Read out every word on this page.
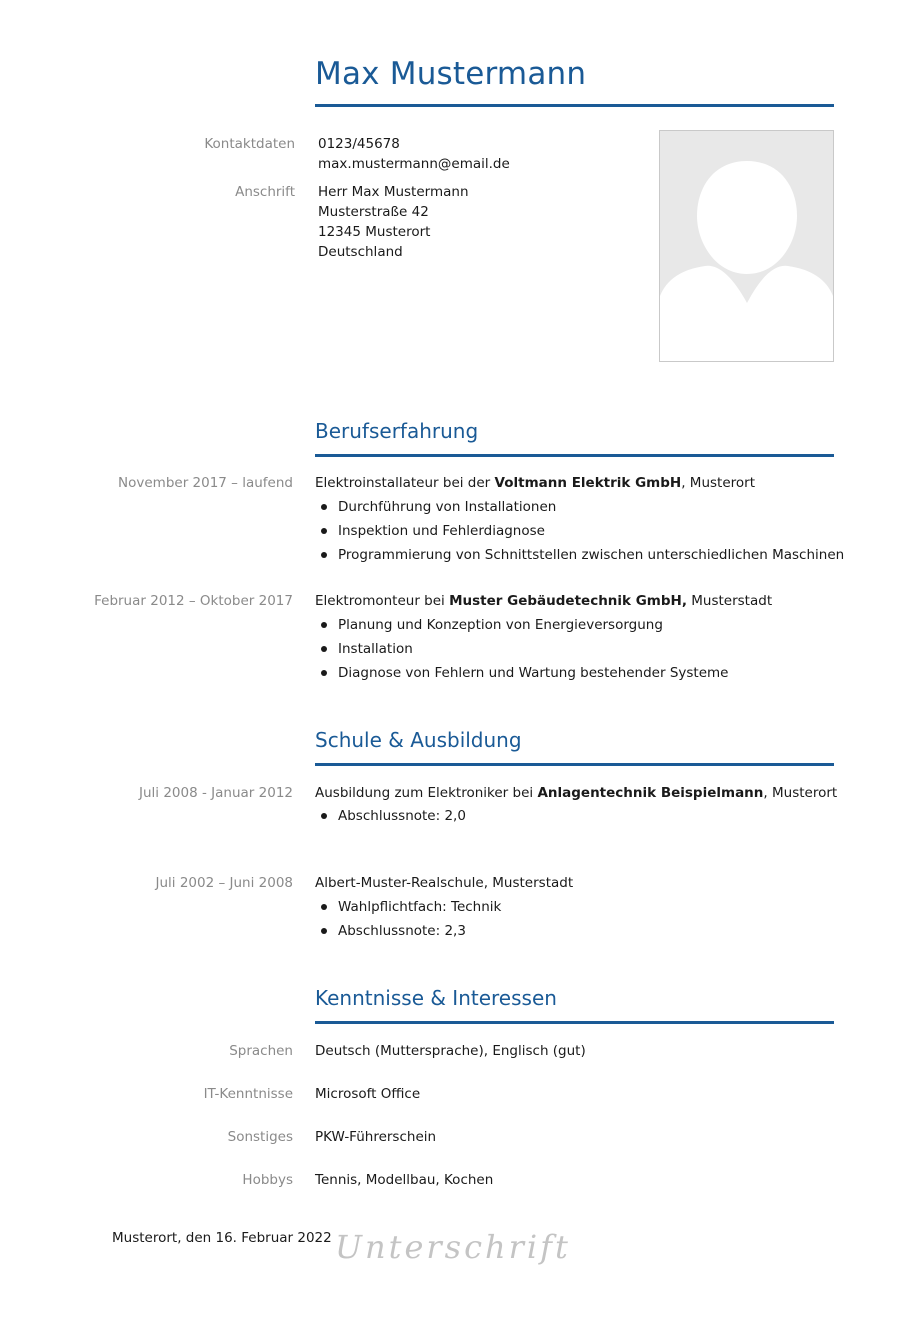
Max Mustermann
Kontaktdaten 0123/45678
max.mustermann@email.de
Anschrift Herr Max Mustermann
Musterstraße 42
12345 Musterort
Deutschland
Berufserfahrung
November 2017 – laufend Elektroinstallateur bei der Voltmann Elektrik GmbH, Musterort
Durchführung von Installationen
Inspektion und Fehlerdiagnose
Programmierung von Schnittstellen zwischen unterschiedlichen Maschinen
Februar 2012 – Oktober 2017 Elektromonteur bei Muster Gebäudetechnik GmbH, Musterstadt
Planung und Konzeption von Energieversorgung
Installation
Diagnose von Fehlern und Wartung bestehender Systeme
Schule & Ausbildung
Juli 2008 - Januar 2012 Ausbildung zum Elektroniker bei Anlagentechnik Beispielmann, Musterort
Abschlussnote: 2,0
Juli 2002 – Juni 2008 Albert-Muster-Realschule, Musterstadt
Wahlpflichtfach: Technik
Abschlussnote: 2,3
Kenntnisse & Interessen
Sprachen Deutsch (Muttersprache), Englisch (gut)
IT-Kenntnisse Microsoft Office
Sonstiges PKW-Führerschein
Hobbys Tennis, Modellbau, Kochen
Musterort, den 16. Februar 2022 Unterschrift
